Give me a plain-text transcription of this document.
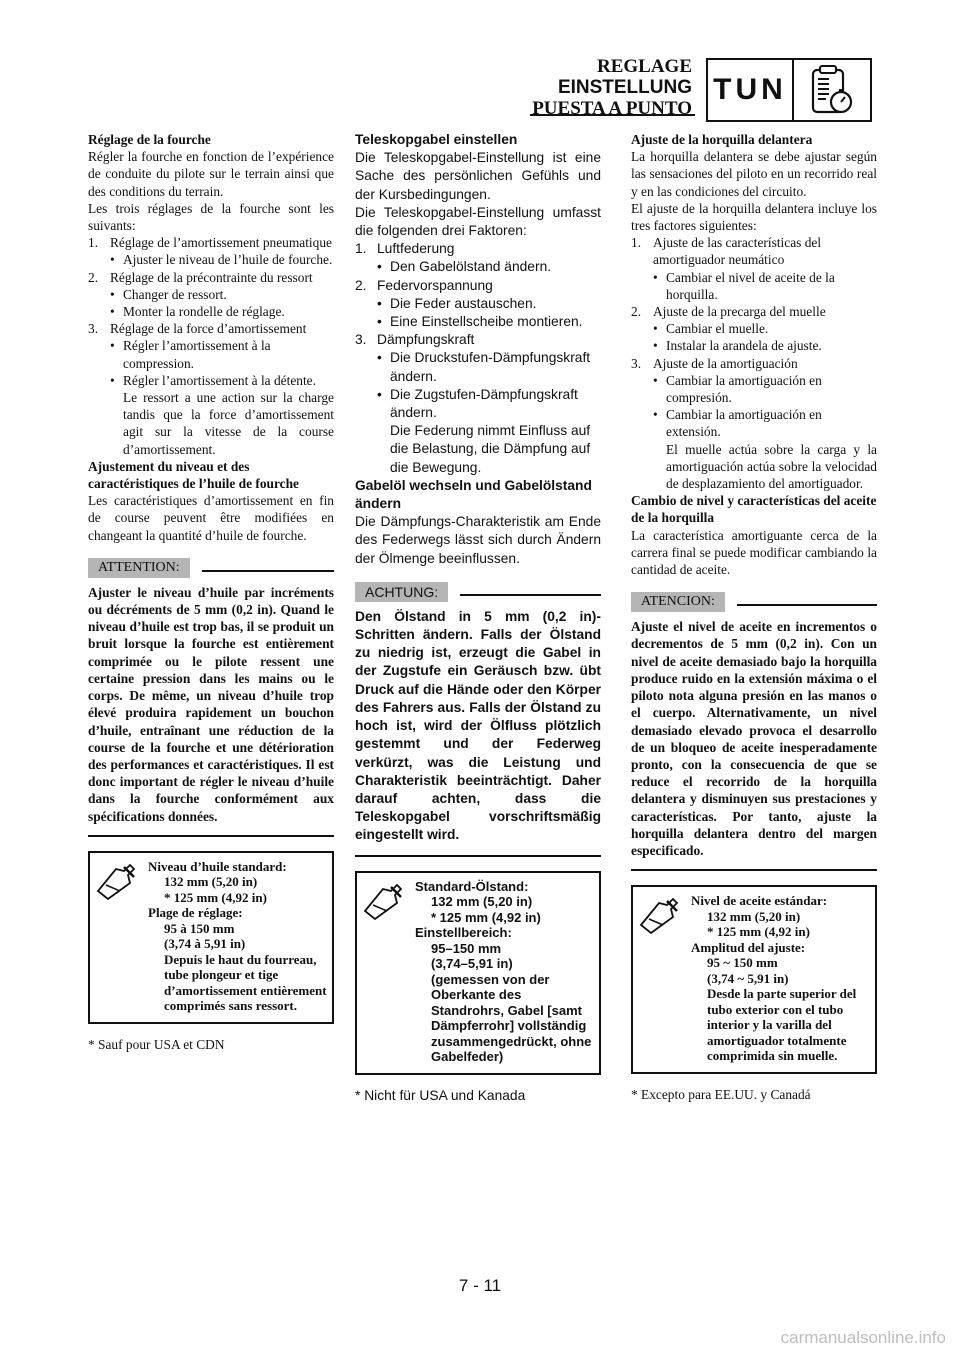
REGLAGE
EINSTELLUNG
PUESTA A PUNTO
TUN

Réglage de la fourche

Régler la fourche en fonction de l’expérience de conduite du pilote sur le terrain ainsi que des conditions du terrain.

Les trois réglages de la fourche sont les suivants:

1. Réglage de l’amortissement pneumatique
• Ajuster le niveau de l’huile de fourche.
2. Réglage de la précontrainte du ressort
• Changer de ressort.
• Monter la rondelle de réglage.
3. Réglage de la force d’amortissement
• Régler l’amortissement à la compression.
• Régler l’amortissement à la détente.

Le ressort a une action sur la charge tandis que la force d’amortissement agit sur la vitesse de la course d’amortissement.

Ajustement du niveau et des caractéristiques de l’huile de fourche

Les caractéristiques d’amortissement en fin de course peuvent être modifiées en changeant la quantité d’huile de fourche.

ATTENTION:

Ajuster le niveau d’huile par incréments ou décréments de 5 mm (0,2 in). Quand le niveau d’huile est trop bas, il se produit un bruit lorsque la fourche est entièrement comprimée ou le pilote ressent une certaine pression dans les mains ou le corps. De même, un niveau d’huile trop élevé produira rapidement un bouchon d’huile, entraînant une réduction de la course de la fourche et une détérioration des performances et caractéristiques. Il est donc important de régler le niveau d’huile dans la fourche conformément aux spécifications données.

Niveau d’huile standard:
132 mm (5,20 in)
* 125 mm (4,92 in)
Plage de réglage:
95 à 150 mm
(3,74 à 5,91 in)
Depuis le haut du fourreau, tube plongeur et tige d’amortissement entièrement comprimés sans ressort.

* Sauf pour USA et CDN

Teleskopgabel einstellen

Die Teleskopgabel-Einstellung ist eine Sache des persönlichen Gefühls und der Kursbedingungen.

Die Teleskopgabel-Einstellung umfasst die folgenden drei Faktoren:

1. Luftfederung
• Den Gabelölstand ändern.
2. Federvorspannung
• Die Feder austauschen.
• Eine Einstellscheibe montieren.
3. Dämpfungskraft
• Die Druckstufen-Dämpfungskraft ändern.
• Die Zugstufen-Dämpfungskraft ändern.

Die Federung nimmt Einfluss auf die Belastung, die Dämpfung auf die Bewegung.

Gabelöl wechseln und Gabelölstand ändern

Die Dämpfungs-Charakteristik am Ende des Federwegs lässt sich durch Ändern der Ölmenge beeinflussen.

ACHTUNG:

Den Ölstand in 5 mm (0,2 in)-Schritten ändern. Falls der Ölstand zu niedrig ist, erzeugt die Gabel in der Zugstufe ein Geräusch bzw. übt Druck auf die Hände oder den Körper des Fahrers aus. Falls der Ölstand zu hoch ist, wird der Ölfluss plötzlich gestemmt und der Federweg verkürzt, was die Leistung und Charakteristik beeinträchtigt. Daher darauf achten, dass die Teleskopgabel vorschriftsmäßig eingestellt wird.

Standard-Ölstand:
132 mm (5,20 in)
* 125 mm (4,92 in)
Einstellbereich:
95–150 mm
(3,74–5,91 in)
(gemessen von der Oberkante des Standrohrs, Gabel [samt Dämpferrohr] vollständig zusammengedrückt, ohne Gabelfeder)

* Nicht für USA und Kanada

Ajuste de la horquilla delantera

La horquilla delantera se debe ajustar según las sensaciones del piloto en un recorrido real y en las condiciones del circuito.

El ajuste de la horquilla delantera incluye los tres factores siguientes:

1. Ajuste de las características del amortiguador neumático
• Cambiar el nivel de aceite de la horquilla.
2. Ajuste de la precarga del muelle
• Cambiar el muelle.
• Instalar la arandela de ajuste.
3. Ajuste de la amortiguación
• Cambiar la amortiguación en compresión.
• Cambiar la amortiguación en extensión.

El muelle actúa sobre la carga y la amortiguación actúa sobre la velocidad de desplazamiento del amortiguador.

Cambio de nivel y características del aceite de la horquilla

La característica amortiguante cerca de la carrera final se puede modificar cambiando la cantidad de aceite.

ATENCION:

Ajuste el nivel de aceite en incrementos o decrementos de 5 mm (0,2 in). Con un nivel de aceite demasiado bajo la horquilla produce ruido en la extensión máxima o el piloto nota alguna presión en las manos o el cuerpo. Alternativamente, un nivel demasiado elevado provoca el desarrollo de un bloqueo de aceite inesperadamente pronto, con la consecuencia de que se reduce el recorrido de la horquilla delantera y disminuyen sus prestaciones y características. Por tanto, ajuste la horquilla delantera dentro del margen especificado.

Nivel de aceite estándar:
132 mm (5,20 in)
* 125 mm (4,92 in)
Amplitud del ajuste:
95 ~ 150 mm
(3,74 ~ 5,91 in)
Desde la parte superior del tubo exterior con el tubo interior y la varilla del amortiguador totalmente comprimida sin muelle.

* Excepto para EE.UU. y Canadá

7 - 11
carmanualsonline.info
